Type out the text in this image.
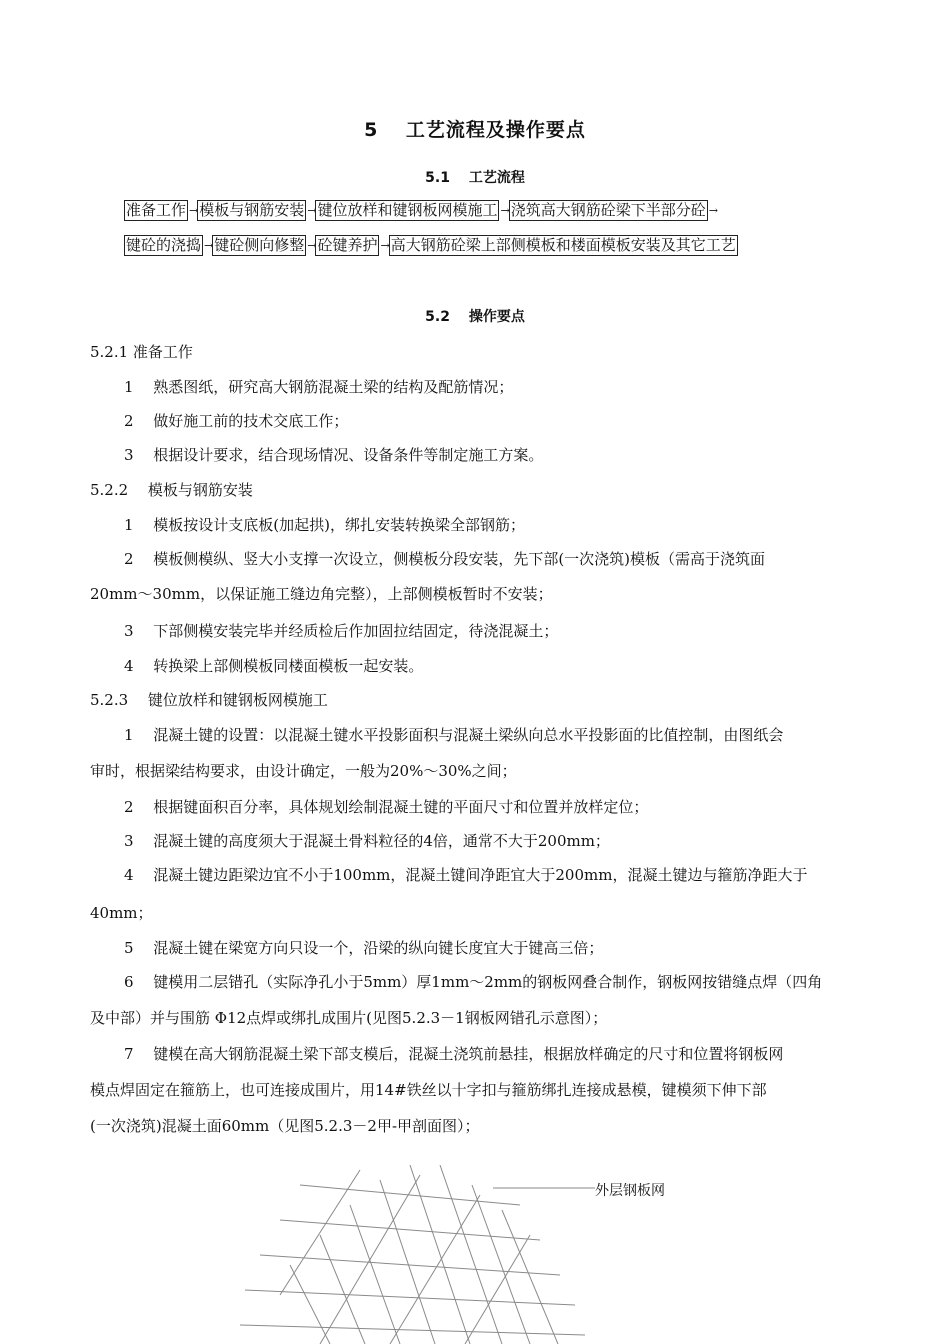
5　 工艺流程及操作要点
5.1　 工艺流程
准备工作 → 模板与钢筋安装 → 键位放样和键钢板网模施工 → 浇筑高大钢筋砼梁下半部分砼 →
键砼的浇捣 → 键砼侧向修整 → 砼键养护 → 高大钢筋砼梁上部侧模板和楼面模板安装及其它工艺
5.2　 操作要点
5.2.1 准备工作
1　 熟悉图纸，研究高大钢筋混凝土梁的结构及配筋情况；
2　 做好施工前的技术交底工作；
3　 根据设计要求，结合现场情况、设备条件等制定施工方案。
5.2.2　 模板与钢筋安装
1　 模板按设计支底板(加起拱)，绑扎安装转换梁全部钢筋；
2　 模板侧模纵、竖大小支撑一次设立，侧模板分段安装，先下部(一次浇筑)模板（需高于浇筑面
20mm～30mm，以保证施工缝边角完整），上部侧模板暂时不安装；
3　 下部侧模安装完毕并经质检后作加固拉结固定，待浇混凝土；
4　 转换梁上部侧模板同楼面模板一起安装。
5.2.3　 键位放样和键钢板网模施工
1　 混凝土键的设置：以混凝土键水平投影面积与混凝土梁纵向总水平投影面的比值控制，由图纸会
审时，根据梁结构要求，由设计确定，一般为20%～30%之间；
2　 根据键面积百分率，具体规划绘制混凝土键的平面尺寸和位置并放样定位；
3　 混凝土键的高度须大于混凝土骨料粒径的4倍，通常不大于200mm；
4　 混凝土键边距梁边宜不小于100mm，混凝土键间净距宜大于200mm，混凝土键边与箍筋净距大于
40mm；
5　 混凝土键在梁宽方向只设一个，沿梁的纵向键长度宜大于键高三倍；
6　 键模用二层错孔（实际净孔小于5mm）厚1mm～2mm的钢板网叠合制作，钢板网按错缝点焊（四角
及中部）并与围筋 Φ12点焊或绑扎成围片(见图5.2.3－1钢板网错孔示意图）；
7　 键模在高大钢筋混凝土梁下部支模后，混凝土浇筑前悬挂，根据放样确定的尺寸和位置将钢板网
模点焊固定在箍筋上，也可连接成围片，用14#铁丝以十字扣与箍筋绑扎连接成悬模，键模须下伸下部
(一次浇筑)混凝土面60mm（见图5.2.3－2甲-甲剖面图）；
外层钢板网
